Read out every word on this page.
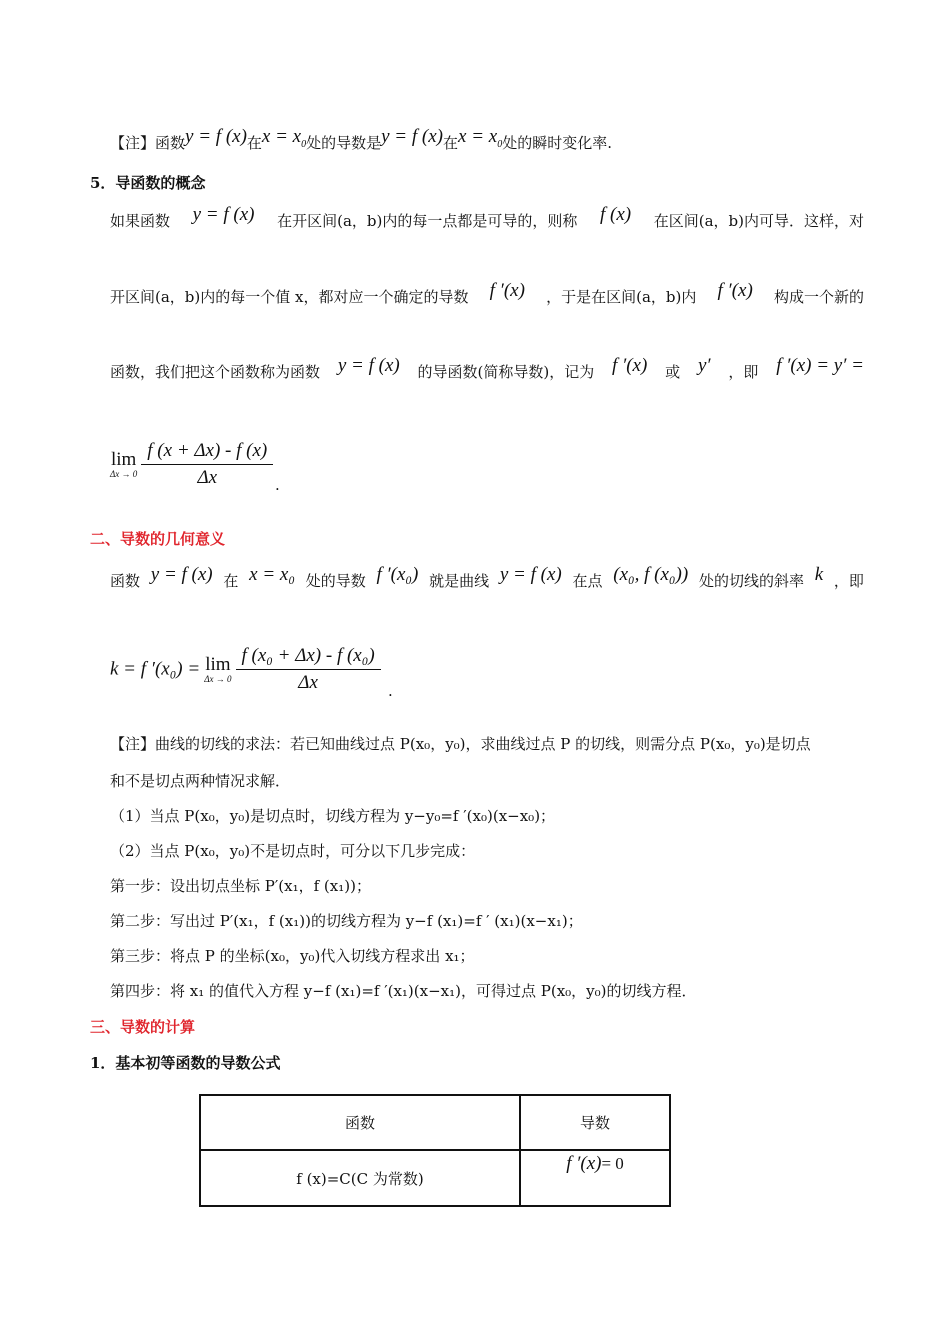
【注】函数y = f (x)在$x = x_0$处的导数是y = f (x)在$x = x_0$处的瞬时变化率.
5．导函数的概念
如果函数 y = f (x) 在开区间(a，b)内的每一点都是可导的，则称 f (x) 在区间(a，b)内可导．这样，对
开区间(a，b)内的每一个值 x，都对应一个确定的导数 f ′(x) ，于是在区间(a，b)内 f ′(x) 构成一个新的
函数，我们把这个函数称为函数 y = f (x) 的导函数(简称导数)，记为 f ′(x) 或 y′ ，即 f ′(x) = y′ =
lim
Δx → 0
$\frac{f (x + \Delta x) - f (x)}{\Delta x}$ .
二、导数的几何意义
函数 y = f (x) 在 x = x₀ 处的导数 f ′(x₀) 就是曲线 y = f (x) 在点 (x₀, f (x₀)) 处的切线的斜率 k ，即
k = f ′(x₀) = lim
Δx → 0
$\frac{\text{f (x₀ + Δx) - f (x₀)}}{\Delta x}$ .
【注】曲线的切线的求法：若已知曲线过点 P(x₀，y₀)，求曲线过点 P 的切线，则需分点 P(x₀，y₀)是切点
和不是切点两种情况求解．
（1）当点 P(x₀，y₀)是切点时，切线方程为 y−y₀=f ′(x₀)(x−x₀)；
（2）当点 P(x₀，y₀)不是切点时，可分以下几步完成：
第一步：设出切点坐标 P′(x₁，f (x₁))；
第二步：写出过 P′(x₁，f (x₁))的切线方程为 y−f (x₁)=f ′ (x₁)(x−x₁)；
第三步：将点 P 的坐标(x₀，y₀)代入切线方程求出 x₁；
第四步：将 x₁ 的值代入方程 y−f (x₁)=f ′(x₁)(x−x₁)，可得过点 P(x₀，y₀)的切线方程．
三、导数的计算
1．基本初等函数的导数公式
函数	导数
f (x)=C(C 为常数)	f ′(x)= 0
